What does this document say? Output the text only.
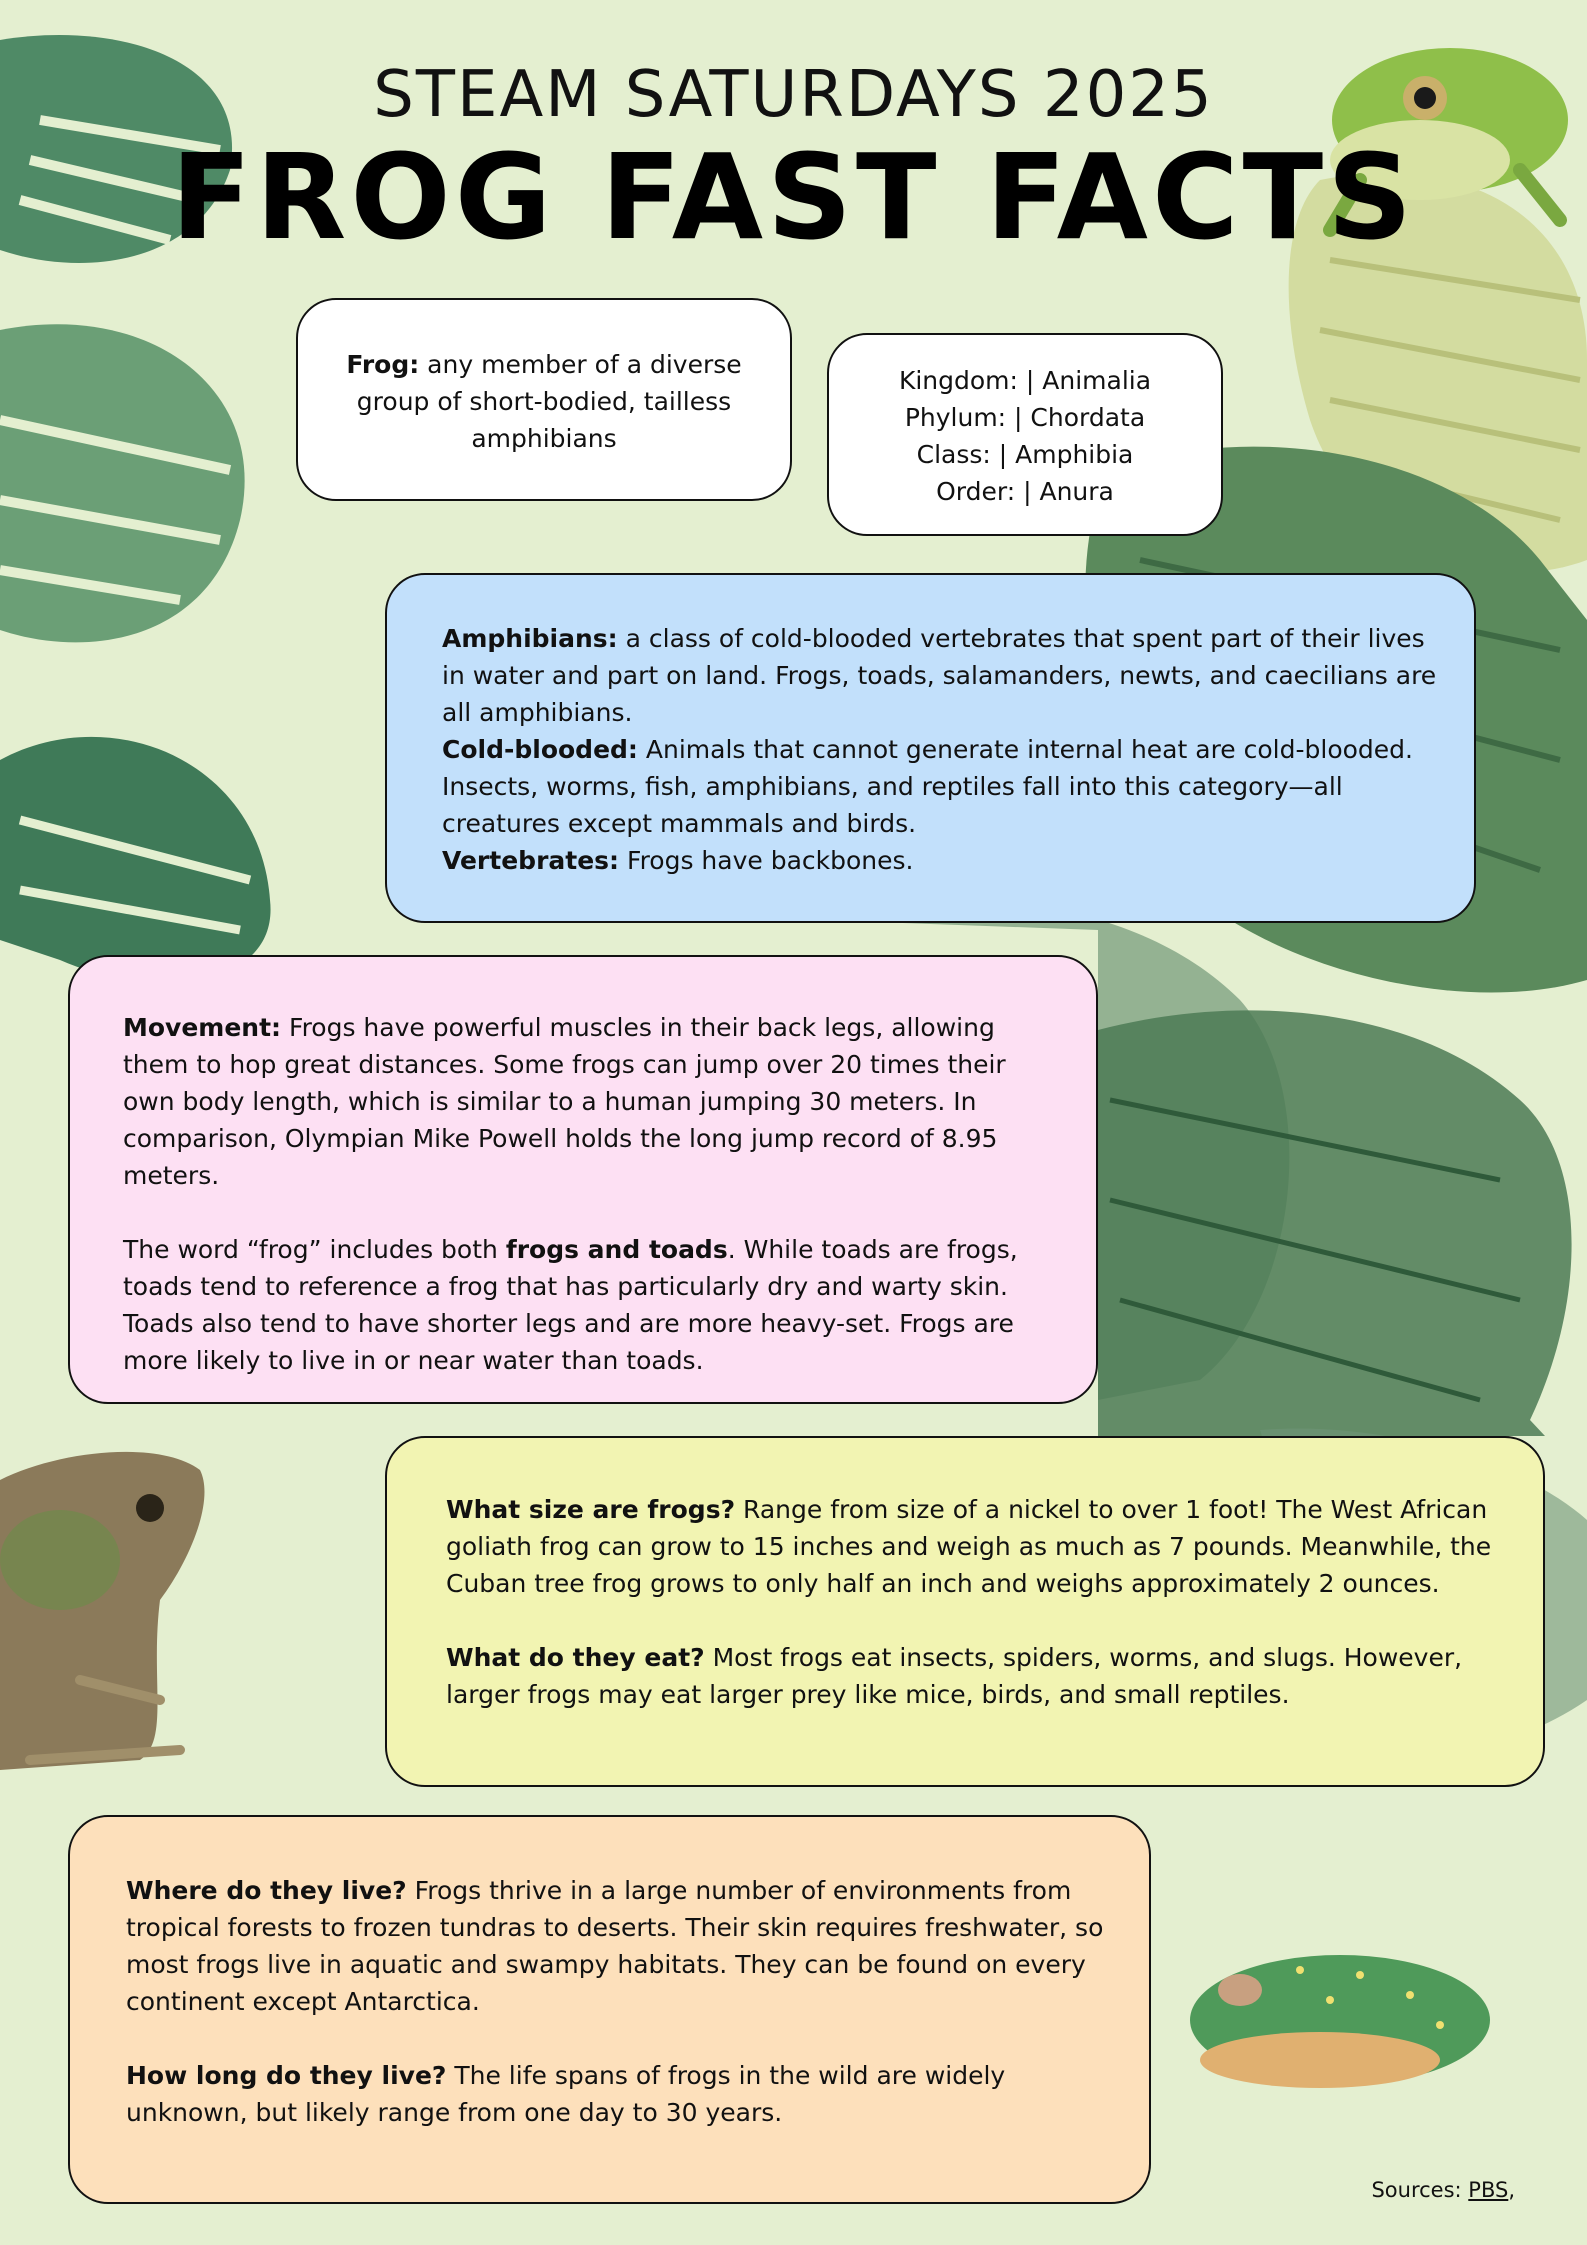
STEAM SATURDAYS 2025
FROG FAST FACTS

Frog: any member of a diverse group of short-bodied, tailless amphibians

Kingdom: | Animalia

Phylum: | Chordata

Class: | Amphibia

Order: | Anura

Amphibians: a class of cold-blooded vertebrates that spent part of their lives in water and part on land. Frogs, toads, salamanders, newts, and caecilians are all amphibians.

Cold-blooded: Animals that cannot generate internal heat are cold-blooded. Insects, worms, fish, amphibians, and reptiles fall into this category—all creatures except mammals and birds.

Vertebrates: Frogs have backbones.

Movement: Frogs have powerful muscles in their back legs, allowing them to hop great distances. Some frogs can jump over 20 times their own body length, which is similar to a human jumping 30 meters. In comparison, Olympian Mike Powell holds the long jump record of 8.95 meters.

The word “frog” includes both frogs and toads. While toads are frogs, toads tend to reference a frog that has particularly dry and warty skin. Toads also tend to have shorter legs and are more heavy-set. Frogs are more likely to live in or near water than toads.

What size are frogs? Range from size of a nickel to over 1 foot! The West African goliath frog can grow to 15 inches and weigh as much as 7 pounds. Meanwhile, the Cuban tree frog grows to only half an inch and weighs approximately 2 ounces.

What do they eat? Most frogs eat insects, spiders, worms, and slugs. However, larger frogs may eat larger prey like mice, birds, and small reptiles.

Where do they live? Frogs thrive in a large number of environments from tropical forests to frozen tundras to deserts. Their skin requires freshwater, so most frogs live in aquatic and swampy habitats. They can be found on every continent except Antarctica.

How long do they live? The life spans of frogs in the wild are widely unknown, but likely range from one day to 30 years.

Sources: PBS,
